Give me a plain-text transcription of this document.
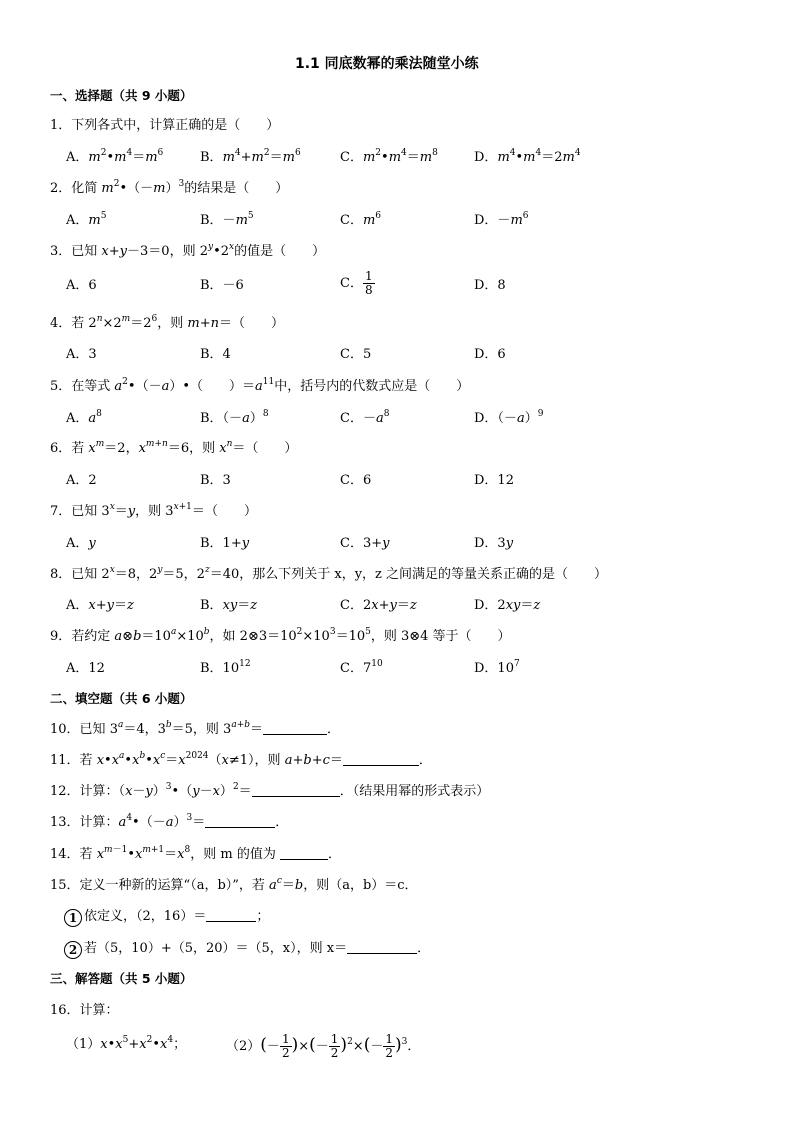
1.1 同底数幂的乘法随堂小练
一、选择题（共 9 小题）
1．下列各式中，计算正确的是（　　）
A．$m^2•m^4=m^6$	B．$m^4+m^2=m^6$	C．$m^2•m^4=m^8$	D．$m^4•m^4=2m^4$
2．化简 $m^2•(-m)^3$的结果是（　　）
A．$m^5$	B．$-m^5$	C．$m^6$	D．$-m^6$
3．已知 x+y－3＝0，则 2$^y$•2$^x$的值是（　　）
A．6	B．－6	C． $\frac{1}{8}$	D．8
4．若 $2^n\times 2^m=2^6$，则 m+n＝（　　）
A．3	B．4	C．5	D．6
5．在等式 $a^2•(-a)•$（　　）$=a^{11}$中，括号内的代数式应是（　　）
A．$a^8$	B．$(-a)^8$	C．$-a^8$	D．$(-a)^9$
6．若 $x^m=2$，$x^{m+n}=6$，则 $x^n=$（　　）
A．2	B．3	C．6	D．12
7．已知 $3^x=y$，则 $3^{x+1}=$（　　）
A．y	B．1+y	C．3+y	D．3y
8．已知 $2^x=8$，$2^y=5$，$2^z=40$，那么下列关于 x，y，z 之间满足的等量关系正确的是（　　）
A．x+y＝z	B．xy＝z	C．2x+y＝z	D．2xy＝z
9．若约定 $a\otimes b=10^a\times 10^b$，如 $2\otimes 3=10^2\times 10^3=10^5$，则 3⊗4 等于（　　）
A．12	B．$10^{12}$	C．$7^{10}$	D．$10^7$
二、填空题（共 6 小题）
10．已知 $3^a=4$，$3^b=5$，则 $3^{a+b}=$	．
11．若 $x•x^a•x^b•x^c=x^{2024}(x\ne 1)$，则 a+b+c＝	．
12．计算：$(x-y)^3•(y-x)^2=$	．（结果用幂的形式表示）
13．计算：$a^4•(-a)^3=$	．
14．若 $x^{m-1}•x^{m+1}=x^8$，则 m 的值为	．
15．定义一种新的运算“（a，b）”，若 $a^c=b$，则（a，b）＝c．
1 依定义，（2，16）＝	；
2 若（5，10）+（5，20）＝（5，x），则 x＝	．
三、解答题（共 5 小题）
16．计算：
$(1)x•x^5+x^2•x^4$；	$(2)(- \frac{1}{2}$ )×(－ $\frac{1}{2} )^2\times(- \frac{1}{2} )^3$．
